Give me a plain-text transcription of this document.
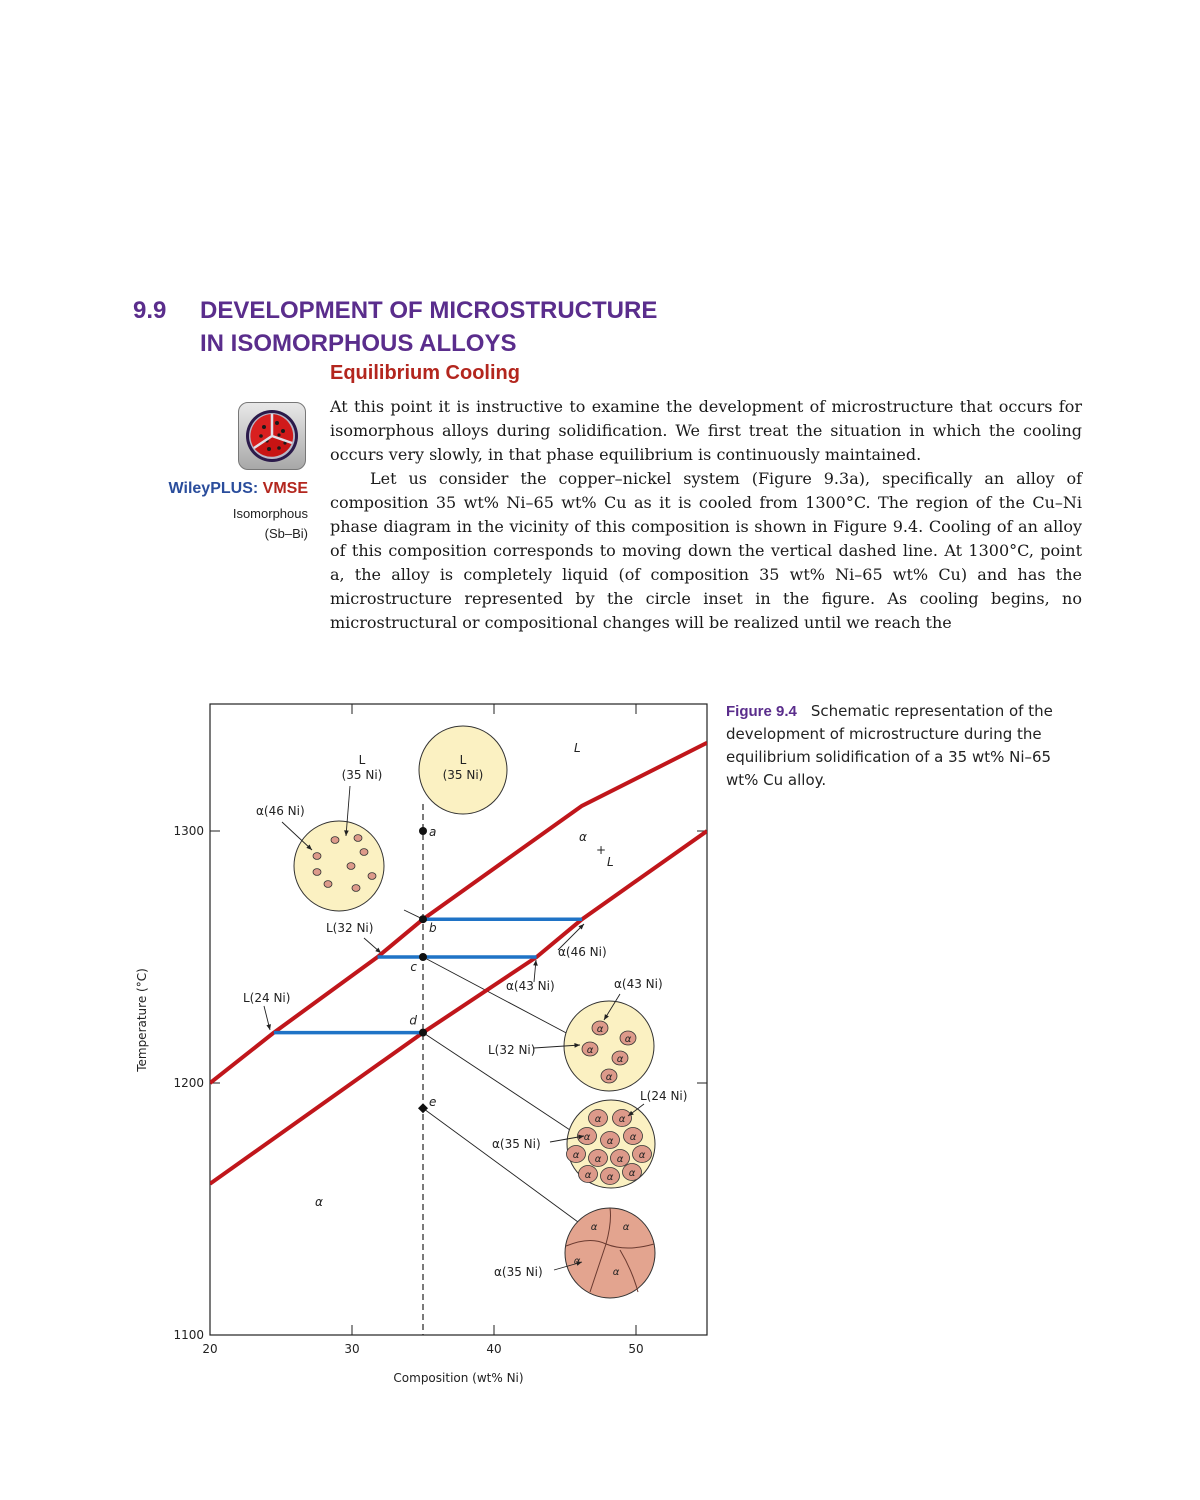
9.9 DEVELOPMENT OF MICROSTRUCTURE
IN ISOMORPHOUS ALLOYS
Equilibrium Cooling
WileyPLUS: VMSE
Isomorphous
(Sb–Bi)

At this point it is instructive to examine the development of microstructure that occurs for isomorphous alloys during solidification. We first treat the situation in which the cooling occurs very slowly, in that phase equilibrium is continuously maintained.

Let us consider the copper–nickel system (Figure 9.3a), specifically an alloy of composition 35 wt% Ni–65 wt% Cu as it is cooled from 1300°C. The region of the Cu–Ni phase diagram in the vicinity of this composition is shown in Figure 9.4. Cooling of an alloy of this composition corresponds to moving down the vertical dashed line. At 1300°C, point a, the alloy is completely liquid (of composition 35 wt% Ni–65 wt% Cu) and has the microstructure represented by the circle inset in the figure. As cooling begins, no microstructural or compositional changes will be realized until we reach the

Figure 9.4 Schematic representation of the development of microstructure during the equilibrium solidification of a 35 wt% Ni–65 wt% Cu alloy.
20	30	40	50
1100
1200
1300
Composition (wt% Ni)
Temperature (°C)
a
b
c
d
e
L
α
+
L
α
α
α
α
α
α
α α
α α α
α α α α
α α α
α	α
α
α
L
(35 Ni)
L
(35 Ni)
α(46 Ni)
L(32 Ni)
α(46 Ni)
α(43 Ni)	α(43 Ni)
L(24 Ni)
L(32 Ni)
L(24 Ni)
α(35 Ni)
α(35 Ni)
